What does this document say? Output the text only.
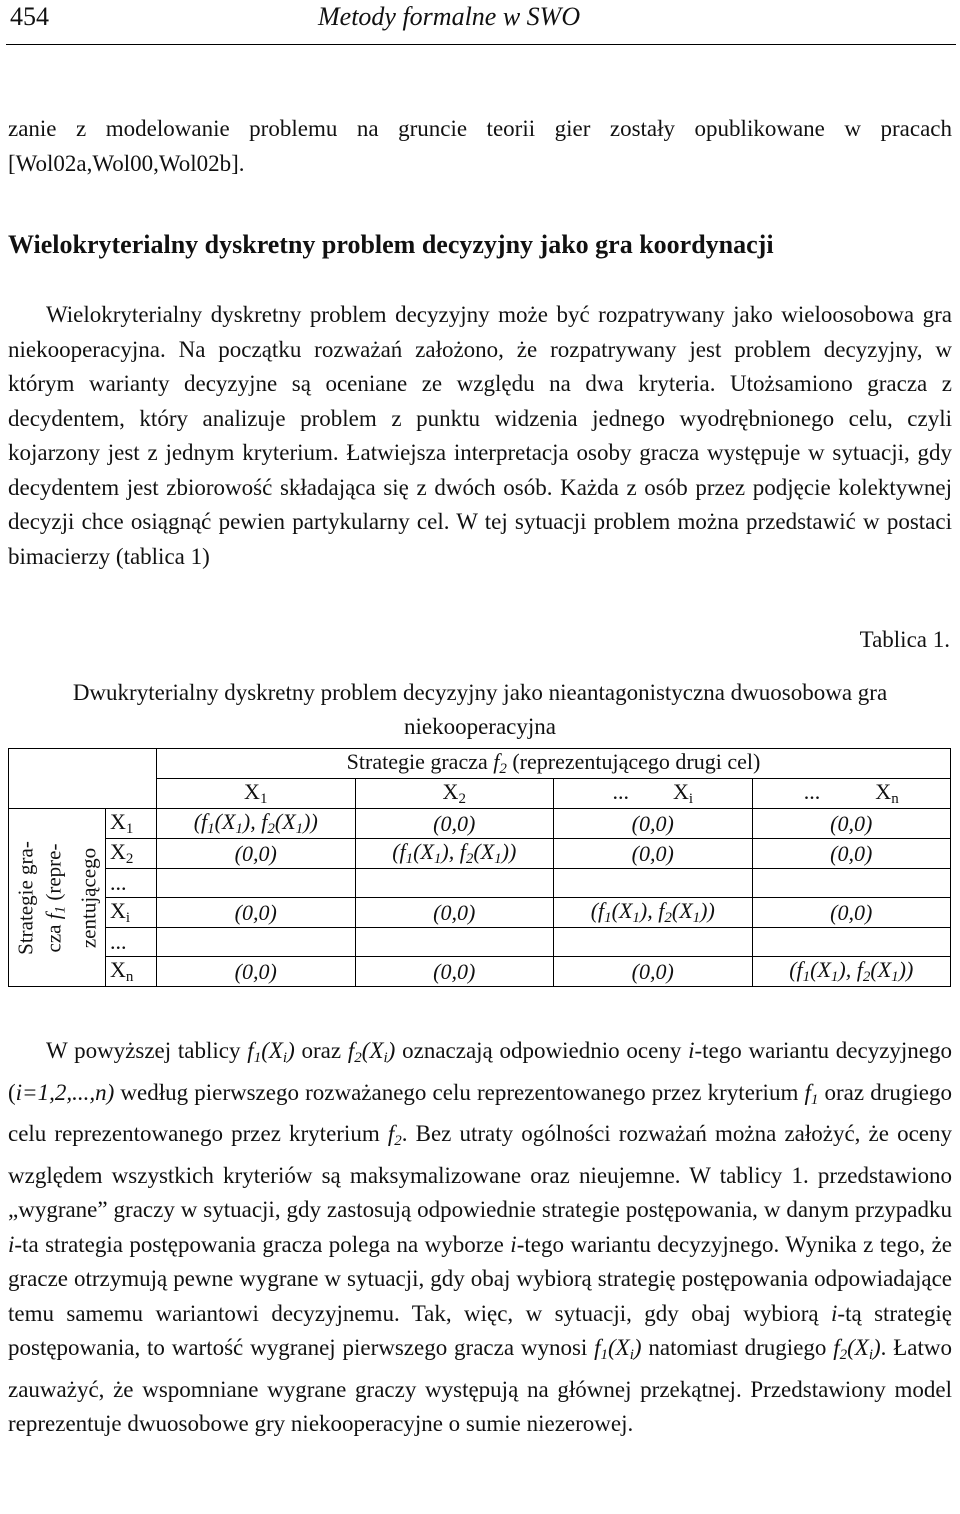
454	Metody formalne w SWO

zanie z modelowanie problemu na gruncie teorii gier zostały opublikowane w pracach [Wol02a,Wol00,Wol02b].

Wielokryterialny dyskretny problem decyzyjny jako gra koordynacji

Wielokryterialny dyskretny problem decyzyjny może być rozpatrywany jako wieloosobowa gra niekooperacyjna. Na początku rozważań założono, że rozpatrywany jest problem decyzyjny, w którym warianty decyzyjne są oceniane ze względu na dwa kryteria. Utożsamiono gracza z decydentem, który analizuje problem z punktu widzenia jednego wyodrębnionego celu, czyli kojarzony jest z jednym kryterium. Łatwiejsza interpretacja osoby gracza występuje w sytuacji, gdy decydentem jest zbiorowość składająca się z dwóch osób. Każda z osób przez podjęcie kolektywnej decyzji chce osiągnąć pewien partykularny cel. W tej sytuacji problem można przedstawić w postaci bimacierzy (tablica 1)

Tablica 1.
Dwukryterialny dyskretny problem decyzyjny jako nieantagonistyczna dwuosobowa gra niekooperacyjna
		Strategie gracza $f_2$ (reprezentującego drugi cel)			
		$X_1$	$X_2$	...        $X_i$	...          $X_n$

Strategie gra- cza $f_1$ (repre- zentującego	$X_1$	($f_1(X_1)$, $f_2(X_1)$)	(0,0)	(0,0)	(0,0)
	$X_2$	(0,0)	($f_1(X_1)$, $f_2(X_1)$)	(0,0)	(0,0)
	...				
	$X_i$	(0,0)	(0,0)	($f_1(X_1)$, $f_2(X_1)$)	(0,0)
	...				
	$X_n$	(0,0)	(0,0)	(0,0)	($f_1(X_1)$, $f_2(X_1)$)

W powyższej tablicy $f_1(X_i)$ oraz $f_2(X_i)$ oznaczają odpowiednio oceny i-tego wariantu decyzyjnego (i=1,2,...,n) według pierwszego rozważanego celu reprezentowanego przez kryterium $f_1$ oraz drugiego celu reprezentowanego przez kryterium $f_2$. Bez utraty ogólności rozważań można założyć, że oceny względem wszystkich kryteriów są maksymalizowane oraz nieujemne. W tablicy 1. przedstawiono „wygrane” graczy w sytuacji, gdy zastosują odpowiednie strategie postępowania, w danym przypadku i-ta strategia postępowania gracza polega na wyborze i-tego wariantu decyzyjnego. Wynika z tego, że gracze otrzymują pewne wygrane w sytuacji, gdy obaj wybiorą strategię postępowania odpowiadające temu samemu wariantowi decyzyjnemu. Tak, więc, w sytuacji, gdy obaj wybiorą i-tą strategię postępowania, to wartość wygranej pierwszego gracza wynosi $f_1(X_i)$ natomiast drugiego $f_2(X_i)$. Łatwo zauważyć, że wspomniane wygrane graczy występują na głównej przekątnej. Przedstawiony model reprezentuje dwuosobowe gry niekooperacyjne o sumie niezerowej.
